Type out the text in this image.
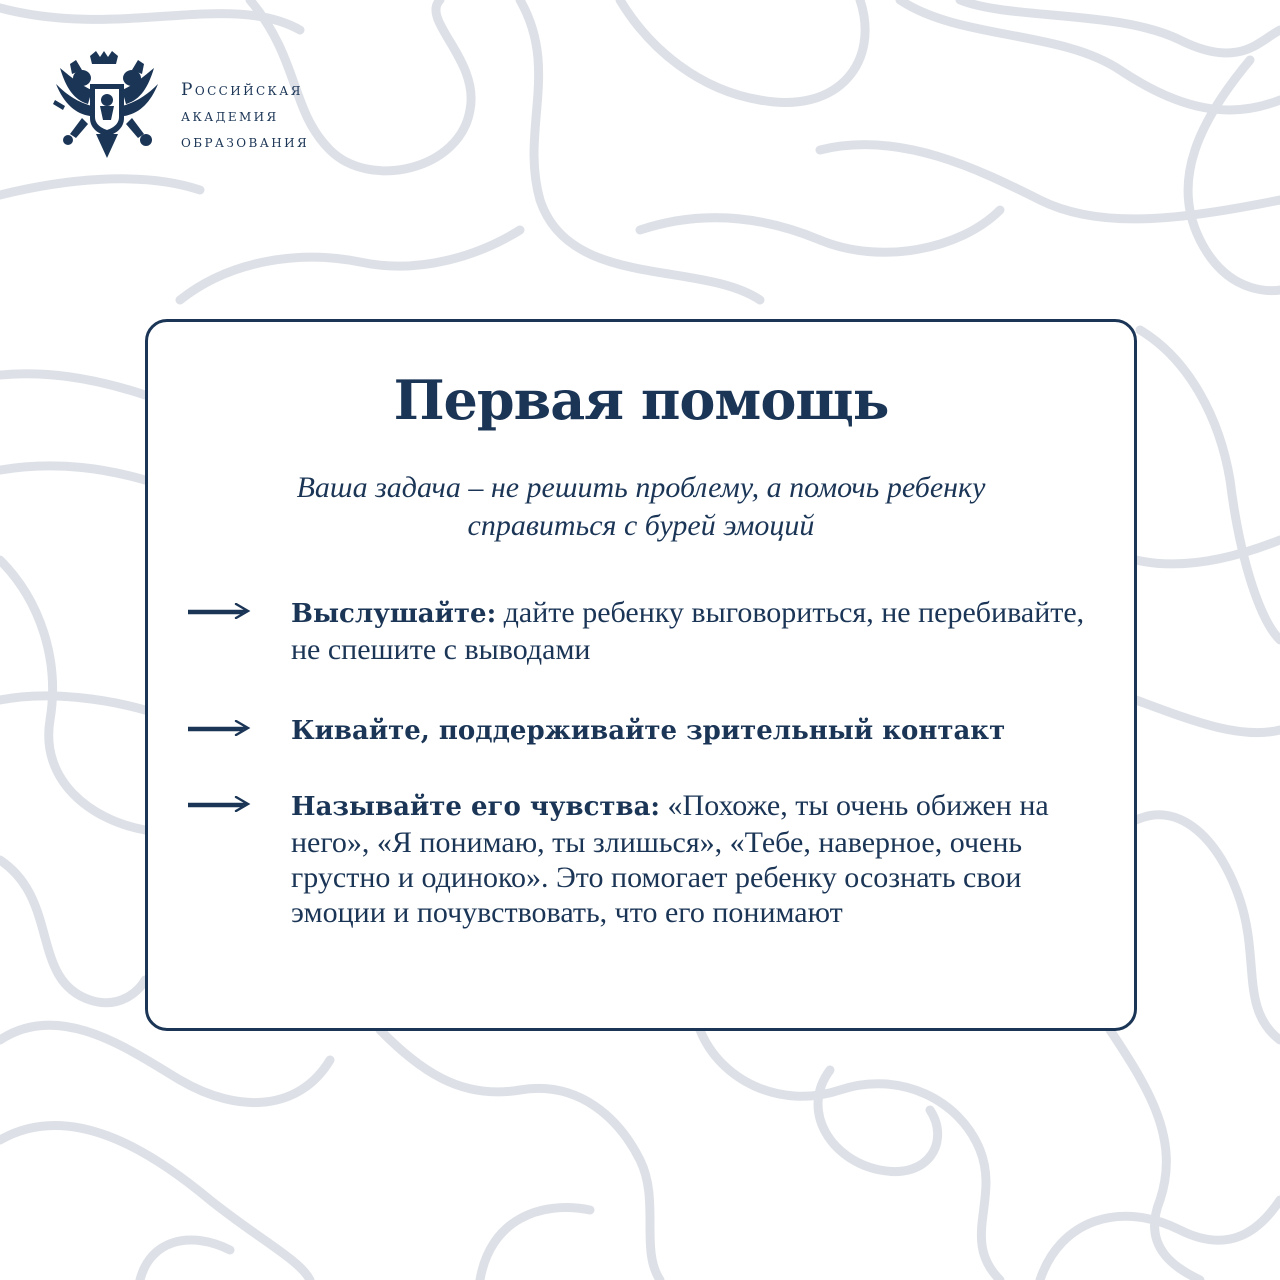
Российская
академия
образования
Первая помощь
Ваша задача – не решить проблему, а помочь ребенку
справиться с бурей эмоций
Выслушайте: дайте ребенку выговориться, не перебивайте, не спешите с выводами
Кивайте, поддерживайте зрительный контакт
Называйте его чувства: «Похоже, ты очень обижен на него», «Я понимаю, ты злишься», «Тебе, наверное, очень грустно и одиноко». Это помогает ребенку осознать свои эмоции и почувствовать, что его понимают
